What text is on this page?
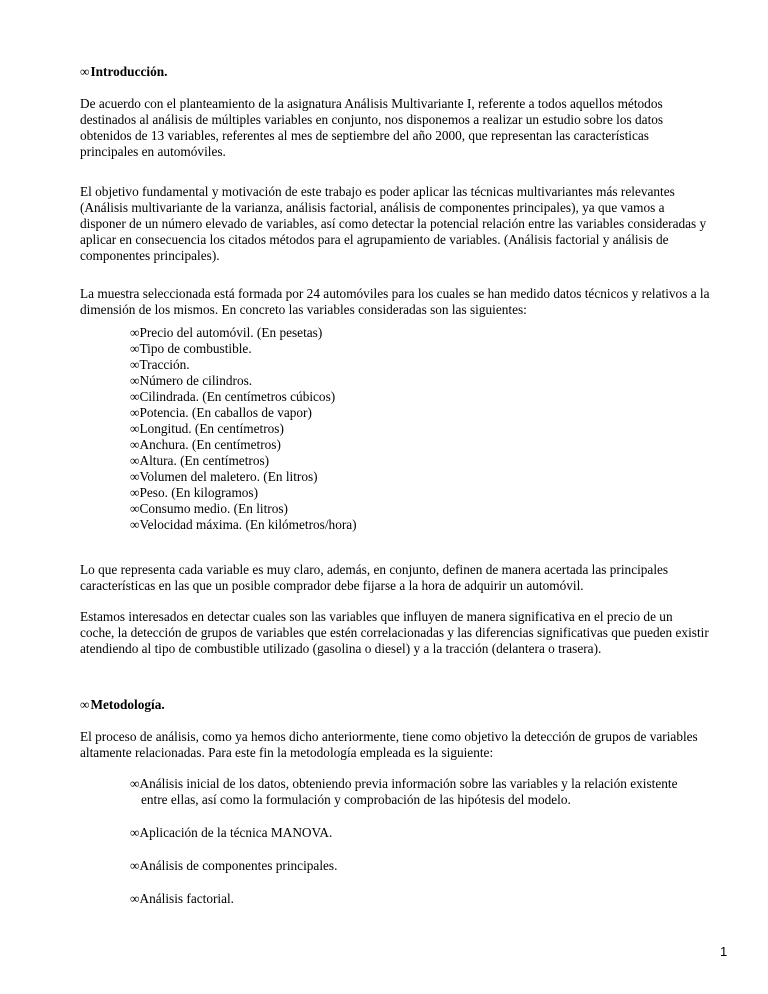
∞Introducción.

De acuerdo con el planteamiento de la asignatura Análisis Multivariante I, referente a todos aquellos métodos destinados al análisis de múltiples variables en conjunto, nos disponemos a realizar un estudio sobre los datos obtenidos de 13 variables, referentes al mes de septiembre del año 2000, que representan las características principales en automóviles.

El objetivo fundamental y motivación de este trabajo es poder aplicar las técnicas multivariantes más relevantes (Análisis multivariante de la varianza, análisis factorial, análisis de componentes principales), ya que vamos a disponer de un número elevado de variables, así como detectar la potencial relación entre las variables consideradas y aplicar en consecuencia los citados métodos para el agrupamiento de variables. (Análisis factorial y análisis de componentes principales).

La muestra seleccionada está formada por 24 automóviles para los cuales se han medido datos técnicos y relativos a la dimensión de los mismos. En concreto las variables consideradas son las siguientes:

∞Precio del automóvil. (En pesetas)
∞Tipo de combustible.
∞Tracción.
∞Número de cilindros.
∞Cilindrada. (En centímetros cúbicos)
∞Potencia. (En caballos de vapor)
∞Longitud. (En centímetros)
∞Anchura. (En centímetros)
∞Altura. (En centímetros)
∞Volumen del maletero. (En litros)
∞Peso. (En kilogramos)
∞Consumo medio. (En litros)
∞Velocidad máxima. (En kilómetros/hora)

Lo que representa cada variable es muy claro, además, en conjunto, definen de manera acertada las principales características en las que un posible comprador debe fijarse a la hora de adquirir un automóvil.

Estamos interesados en detectar cuales son las variables que influyen de manera significativa en el precio de un coche, la detección de grupos de variables que estén correlacionadas y las diferencias significativas que pueden existir atendiendo al tipo de combustible utilizado (gasolina o diesel) y a la tracción (delantera o trasera).

∞Metodología.

El proceso de análisis, como ya hemos dicho anteriormente, tiene como objetivo la detección de grupos de variables altamente relacionadas. Para este fin la metodología empleada es la siguiente:

∞Análisis inicial de los datos, obteniendo previa información sobre las variables y la relación existente
entre ellas, así como la formulación y comprobación de las hipótesis del modelo.

∞Aplicación de la técnica MANOVA.

∞Análisis de componentes principales.

∞Análisis factorial.

1
